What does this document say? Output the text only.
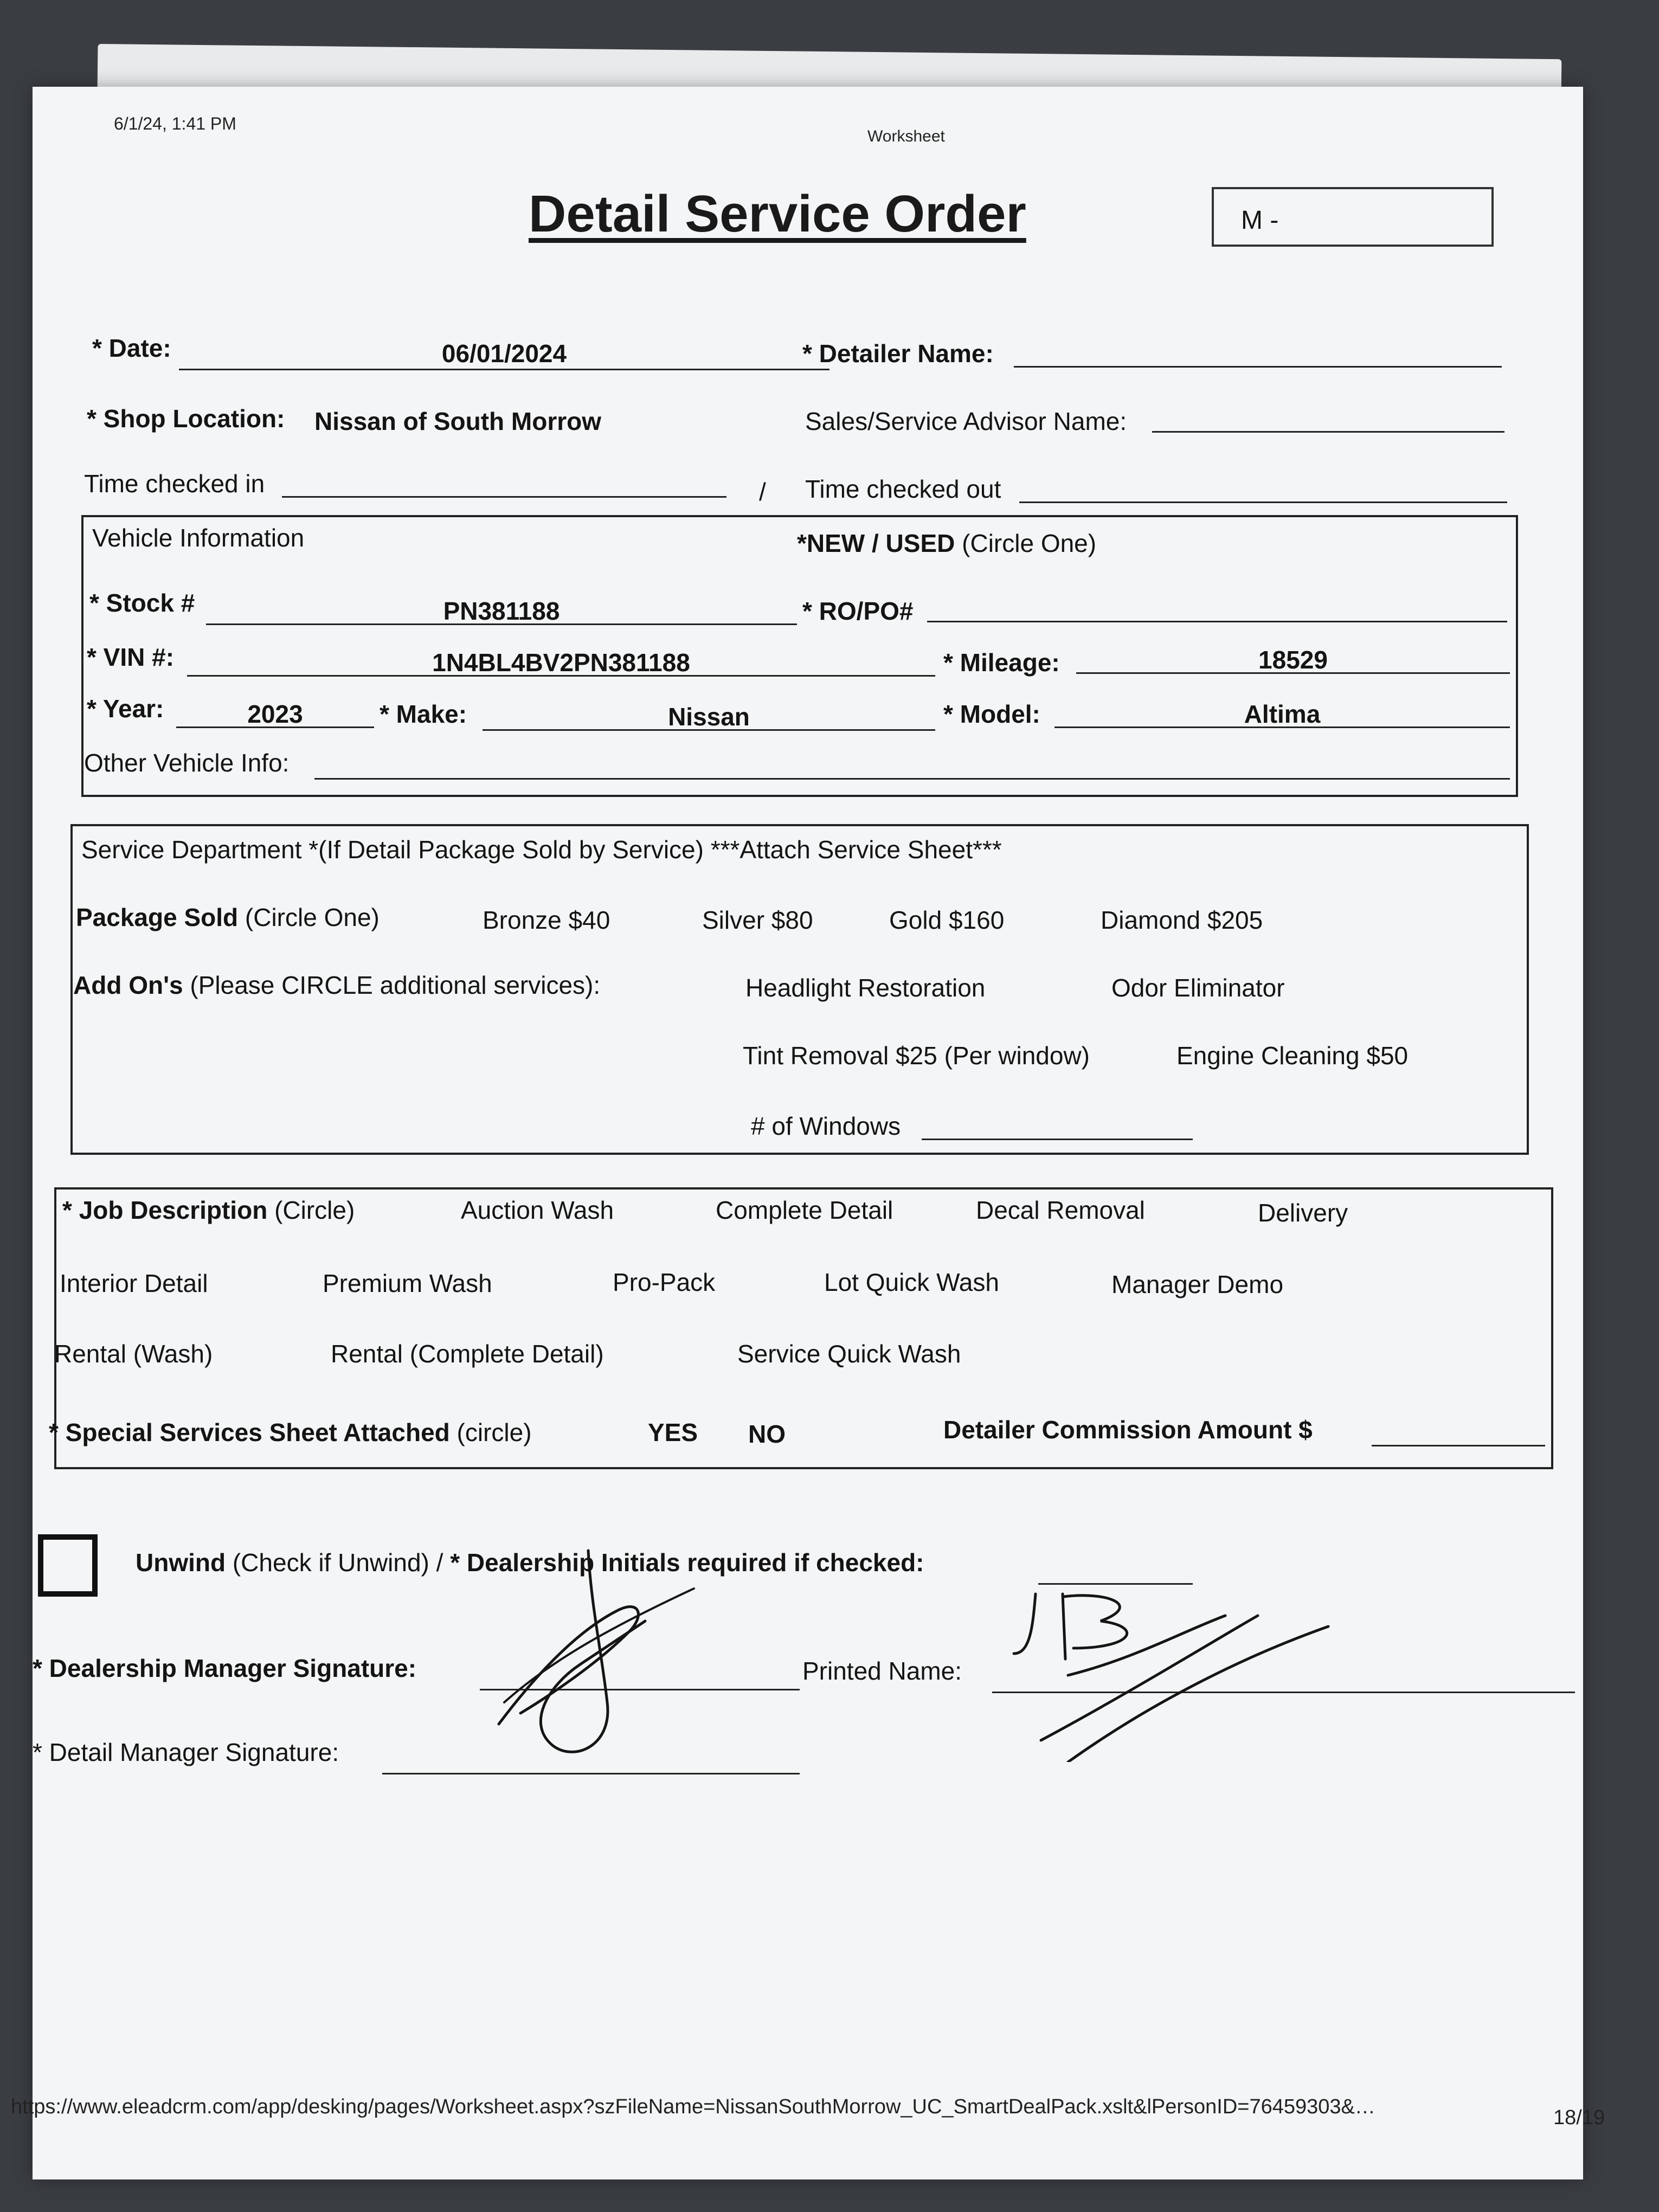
6/1/24, 1:41 PM
Worksheet
Detail Service Order	M -
* Date:	06/01/2024	* Detailer Name:
* Shop Location: Nissan of South Morrow	Sales/Service Advisor Name:
Time checked in	/ Time checked out
Vehicle Information	*NEW / USED (Circle One)
* Stock #	PN381188	* RO/PO#
* VIN #:	1N4BL4BV2PN381188	* Mileage:	18529
* Year:	2023	* Make:	Nissan	* Model:	Altima
Other Vehicle Info:
Service Department *(If Detail Package Sold by Service) ***Attach Service Sheet***
Package Sold (Circle One)	Bronze $40	Silver $80	Gold $160	Diamond $205
Add On's (Please CIRCLE additional services):	Headlight Restoration	Odor Eliminator
Tint Removal $25 (Per window)	Engine Cleaning $50
# of Windows
* Job Description (Circle)	Auction Wash	Complete Detail	Decal Removal	Delivery
Interior Detail	Premium Wash	Pro-Pack	Lot Quick Wash	Manager Demo
Rental (Wash)	Rental (Complete Detail)	Service Quick Wash
* Special Services Sheet Attached (circle)	YES NO	Detailer Commission Amount $
Unwind (Check if Unwind) / * Dealership Initials required if checked:
* Dealership Manager Signature:	Printed Name:
* Detail Manager Signature:
https://www.eleadcrm.com/app/desking/pages/Worksheet.aspx?szFileName=NissanSouthMorrow_UC_SmartDealPack.xslt&lPersonID=76459303&…	18/19
